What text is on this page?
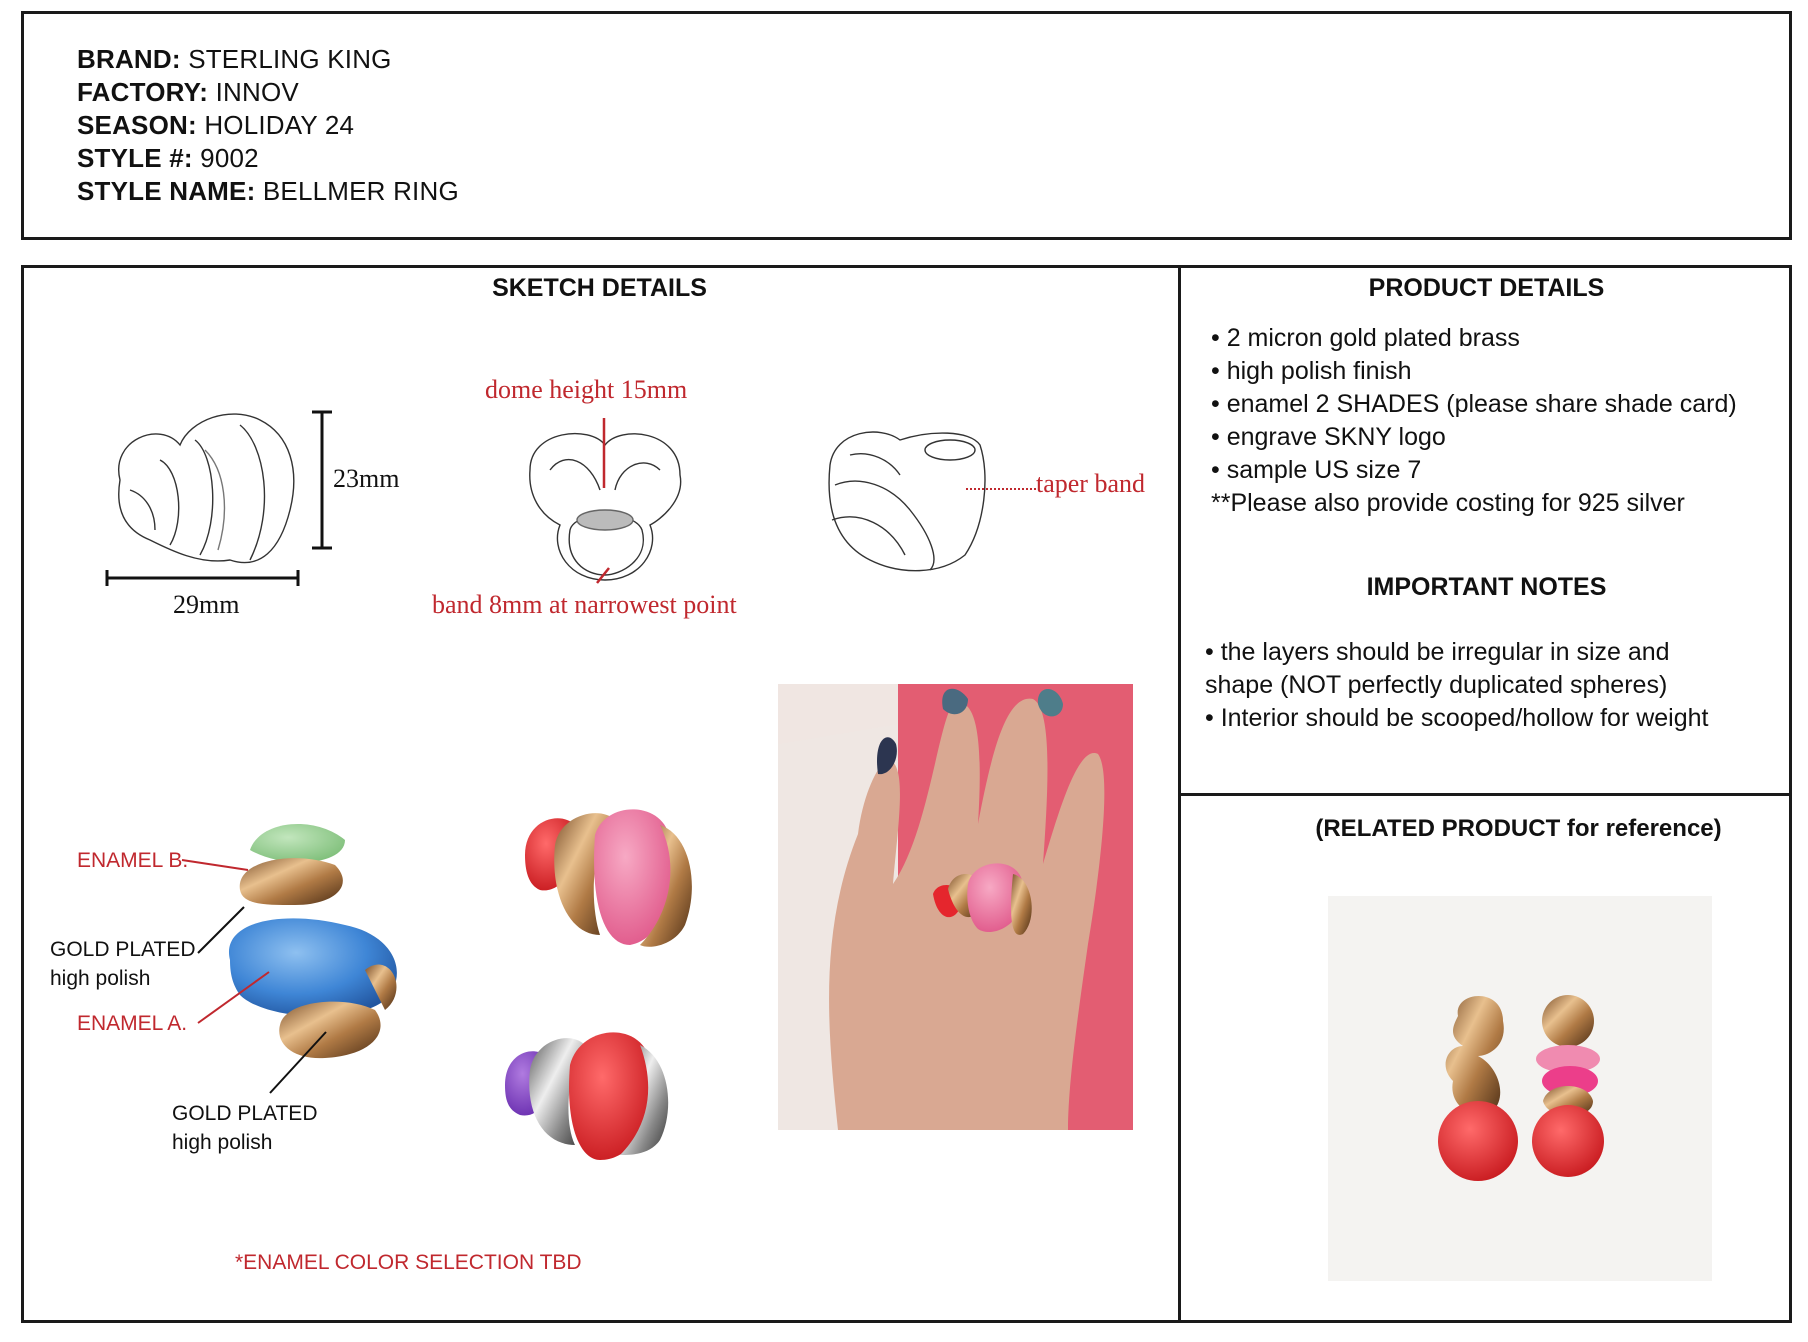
BRAND: STERLING KING
FACTORY: INNOV
SEASON: HOLIDAY 24
STYLE #: 9002
STYLE NAME: BELLMER RING
SKETCH DETAILS	PRODUCT DETAILS
IMPORTANT NOTES
(RELATED PRODUCT for reference)
• 2 micron gold plated brass
• high polish finish
• enamel 2 SHADES (please share shade card)
• engrave SKNY logo
• sample US size 7
**Please also provide costing for 925 silver
• the layers should be irregular in size and
shape (NOT perfectly duplicated spheres)
• Interior should be scooped/hollow for weight
23mm
29mm
dome height 15mm
band 8mm at narrowest point
taper band
ENAMEL B.
GOLD PLATED
high polish
ENAMEL A.
GOLD PLATED
high polish
*ENAMEL COLOR SELECTION TBD
